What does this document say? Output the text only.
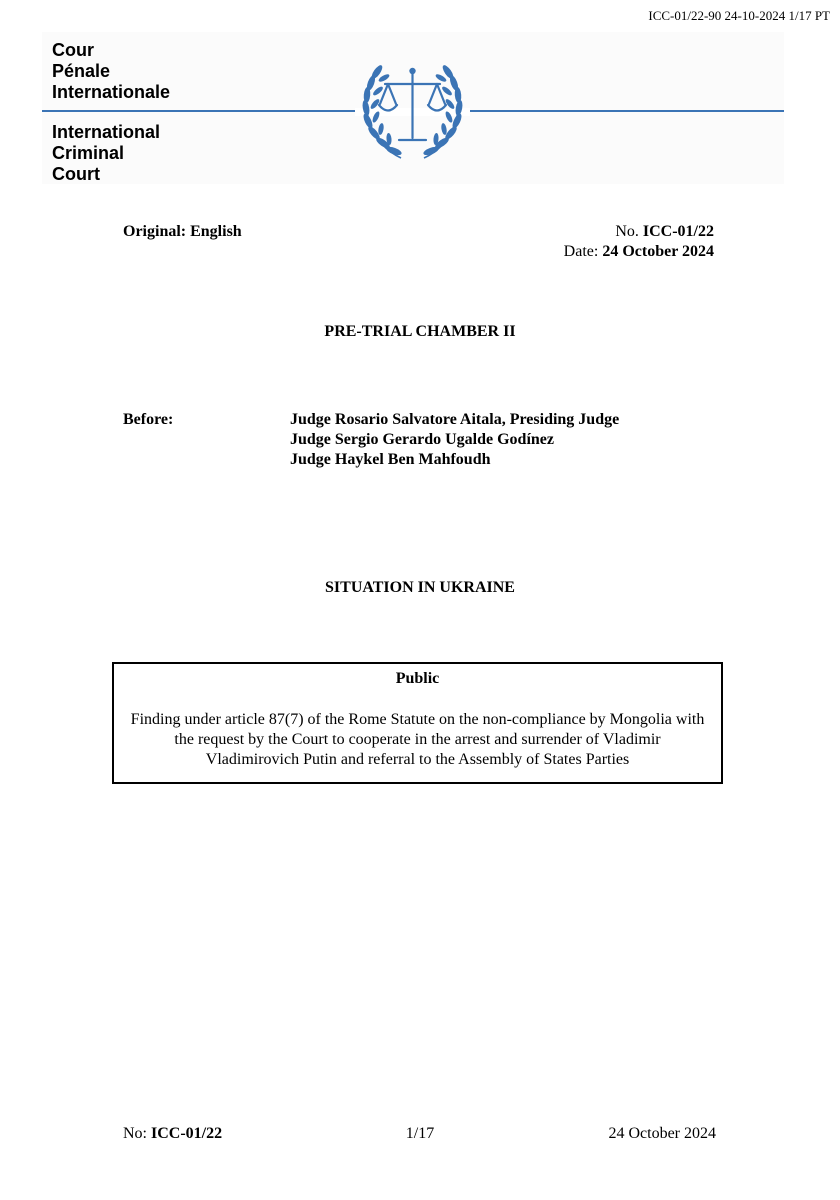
ICC-01/22-90 24-10-2024 1/17 PT
Cour
Pénale
Internationale
International
Criminal
Court
Original: English	No. ICC-01/22
Date: 24 October 2024
PRE-TRIAL CHAMBER II
Before:	Judge Rosario Salvatore Aitala, Presiding Judge
Judge Sergio Gerardo Ugalde Godínez
Judge Haykel Ben Mahfoudh
SITUATION IN UKRAINE
Public
Finding under article 87(7) of the Rome Statute on the non-compliance by Mongolia with the request by the Court to cooperate in the arrest and surrender of Vladimir Vladimirovich Putin and referral to the Assembly of States Parties
No: ICC-01/22	1/17	24 October 2024
